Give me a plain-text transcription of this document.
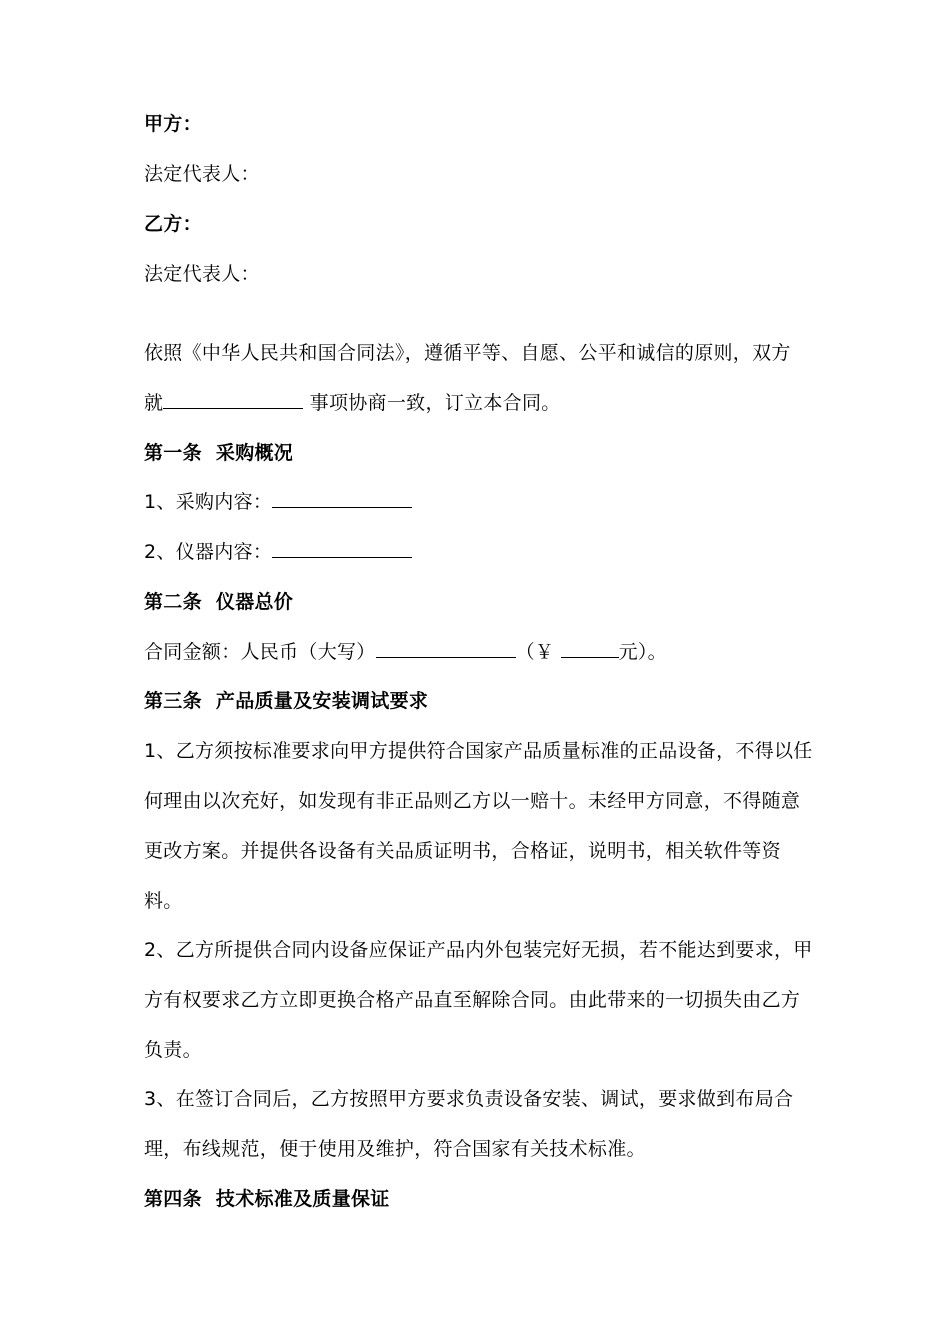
甲方：
法定代表人：
乙方：
法定代表人：
依照《中华人民共和国合同法》，遵循平等、自愿、公平和诚信的原则，双方
就	事项协商一致，订立本合同。
第一条 采购概况
1、采购内容：
2、仪器内容：
第二条 仪器总价
合同金额：人民币（大写）	（￥	元）。
第三条 产品质量及安装调试要求
1、乙方须按标准要求向甲方提供符合国家产品质量标准的正品设备，不得以任
何理由以次充好，如发现有非正品则乙方以一赔十。未经甲方同意，不得随意
更改方案。并提供各设备有关品质证明书，合格证，说明书，相关软件等资
料。
2、乙方所提供合同内设备应保证产品内外包装完好无损，若不能达到要求，甲
方有权要求乙方立即更换合格产品直至解除合同。由此带来的一切损失由乙方
负责。
3、在签订合同后，乙方按照甲方要求负责设备安装、调试，要求做到布局合
理，布线规范，便于使用及维护，符合国家有关技术标准。
第四条 技术标准及质量保证
